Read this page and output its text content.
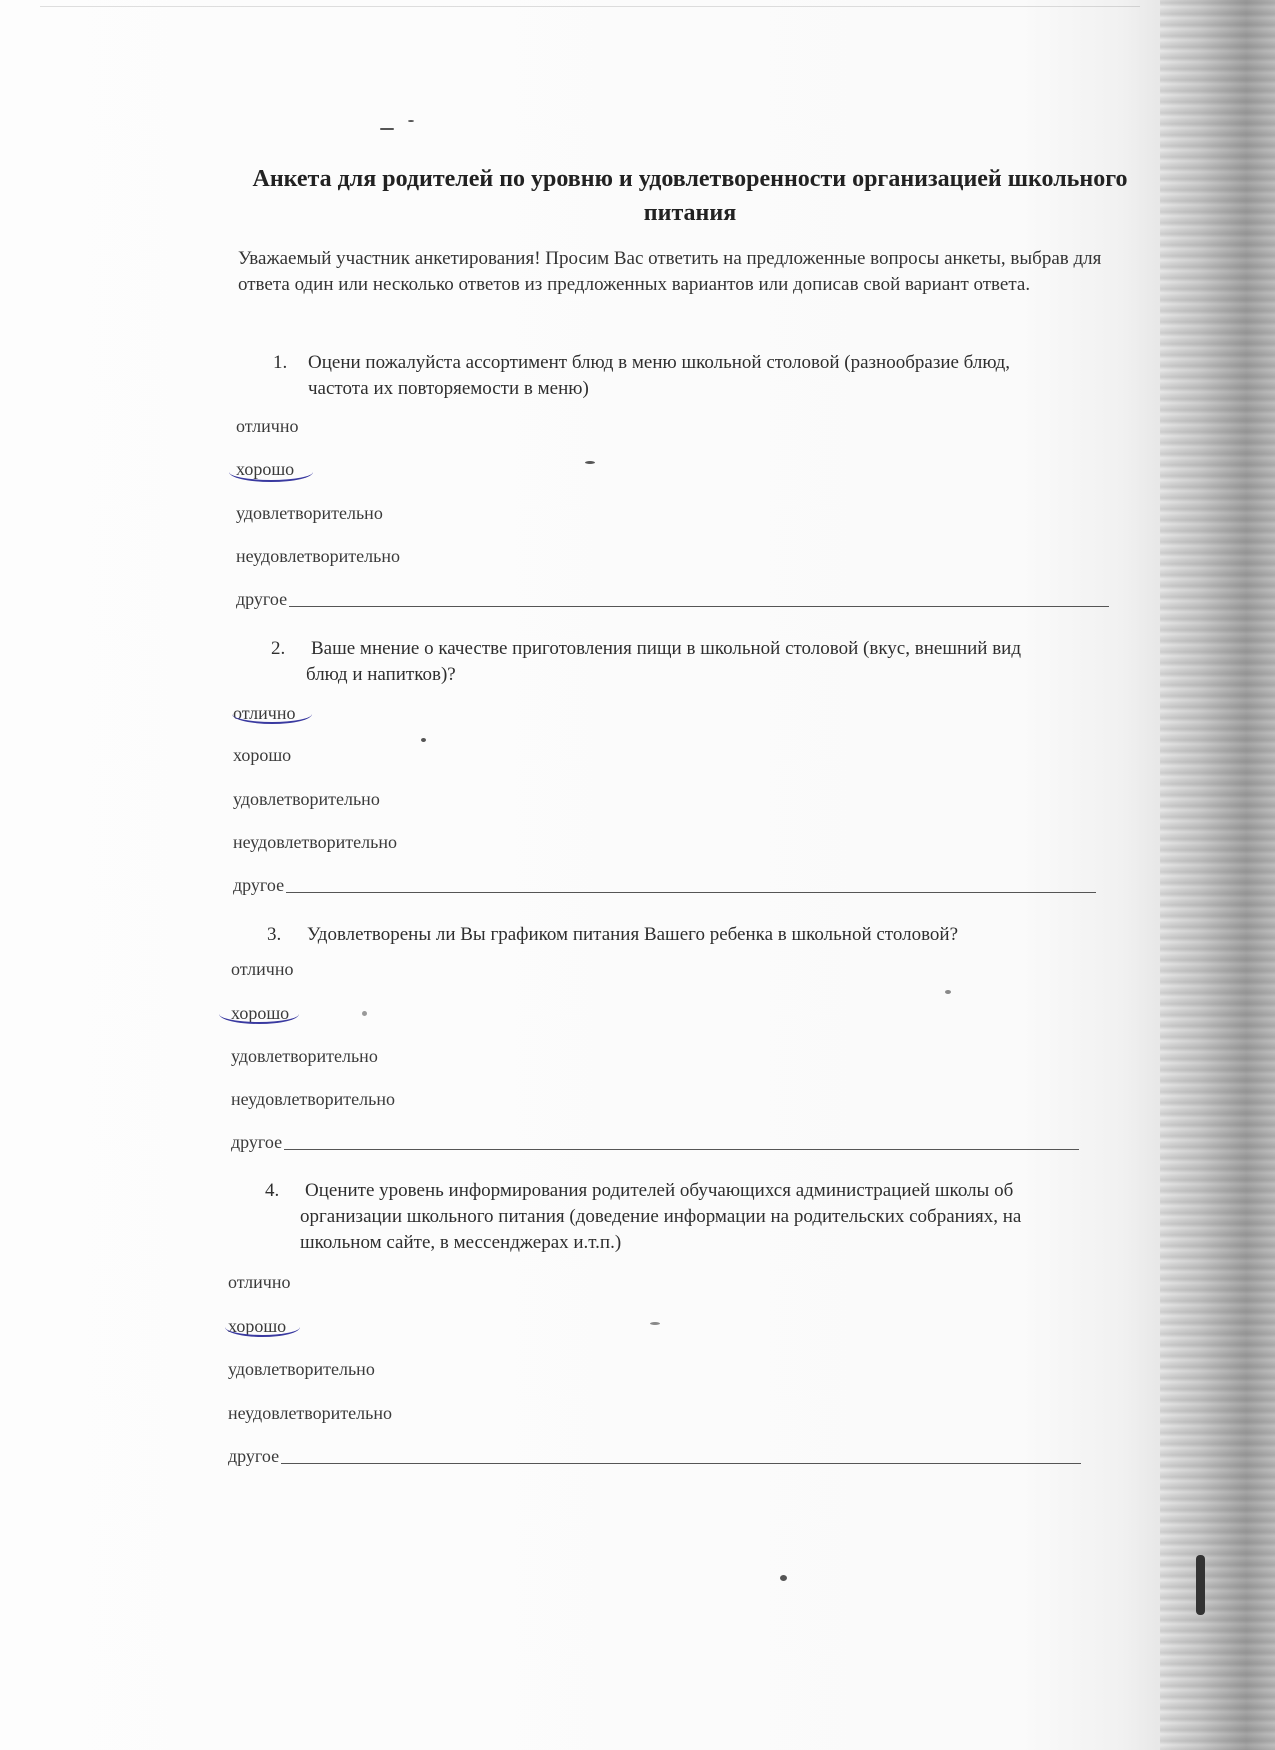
Анкета для родителей по уровню и удовлетворенности организацией школьного питания

Уважаемый участник анкетирования! Просим Вас ответить на предложенные вопросы анкеты, выбрав для ответа один или несколько ответов из предложенных вариантов или дописав свой вариант ответа.

1. Оцени пожалуйста ассортимент блюд в меню школьной столовой (разнообразие блюд,
частота их повторяемости в меню)
отлично
хорошо
удовлетворительно
неудовлетворительно
другое
2. Ваше мнение о качестве приготовления пищи в школьной столовой (вкус, внешний вид
блюд и напитков)?
отлично
хорошо
удовлетворительно
неудовлетворительно
другое
3. Удовлетворены ли Вы графиком питания Вашего ребенка в школьной столовой?
отлично
хорошо
удовлетворительно
неудовлетворительно
другое
4. Оцените уровень информирования родителей обучающихся администрацией школы об
организации школьного питания (доведение информации на родительских собраниях, на
школьном сайте, в мессенджерах и.т.п.)
отлично
хорошо
удовлетворительно
неудовлетворительно
другое
